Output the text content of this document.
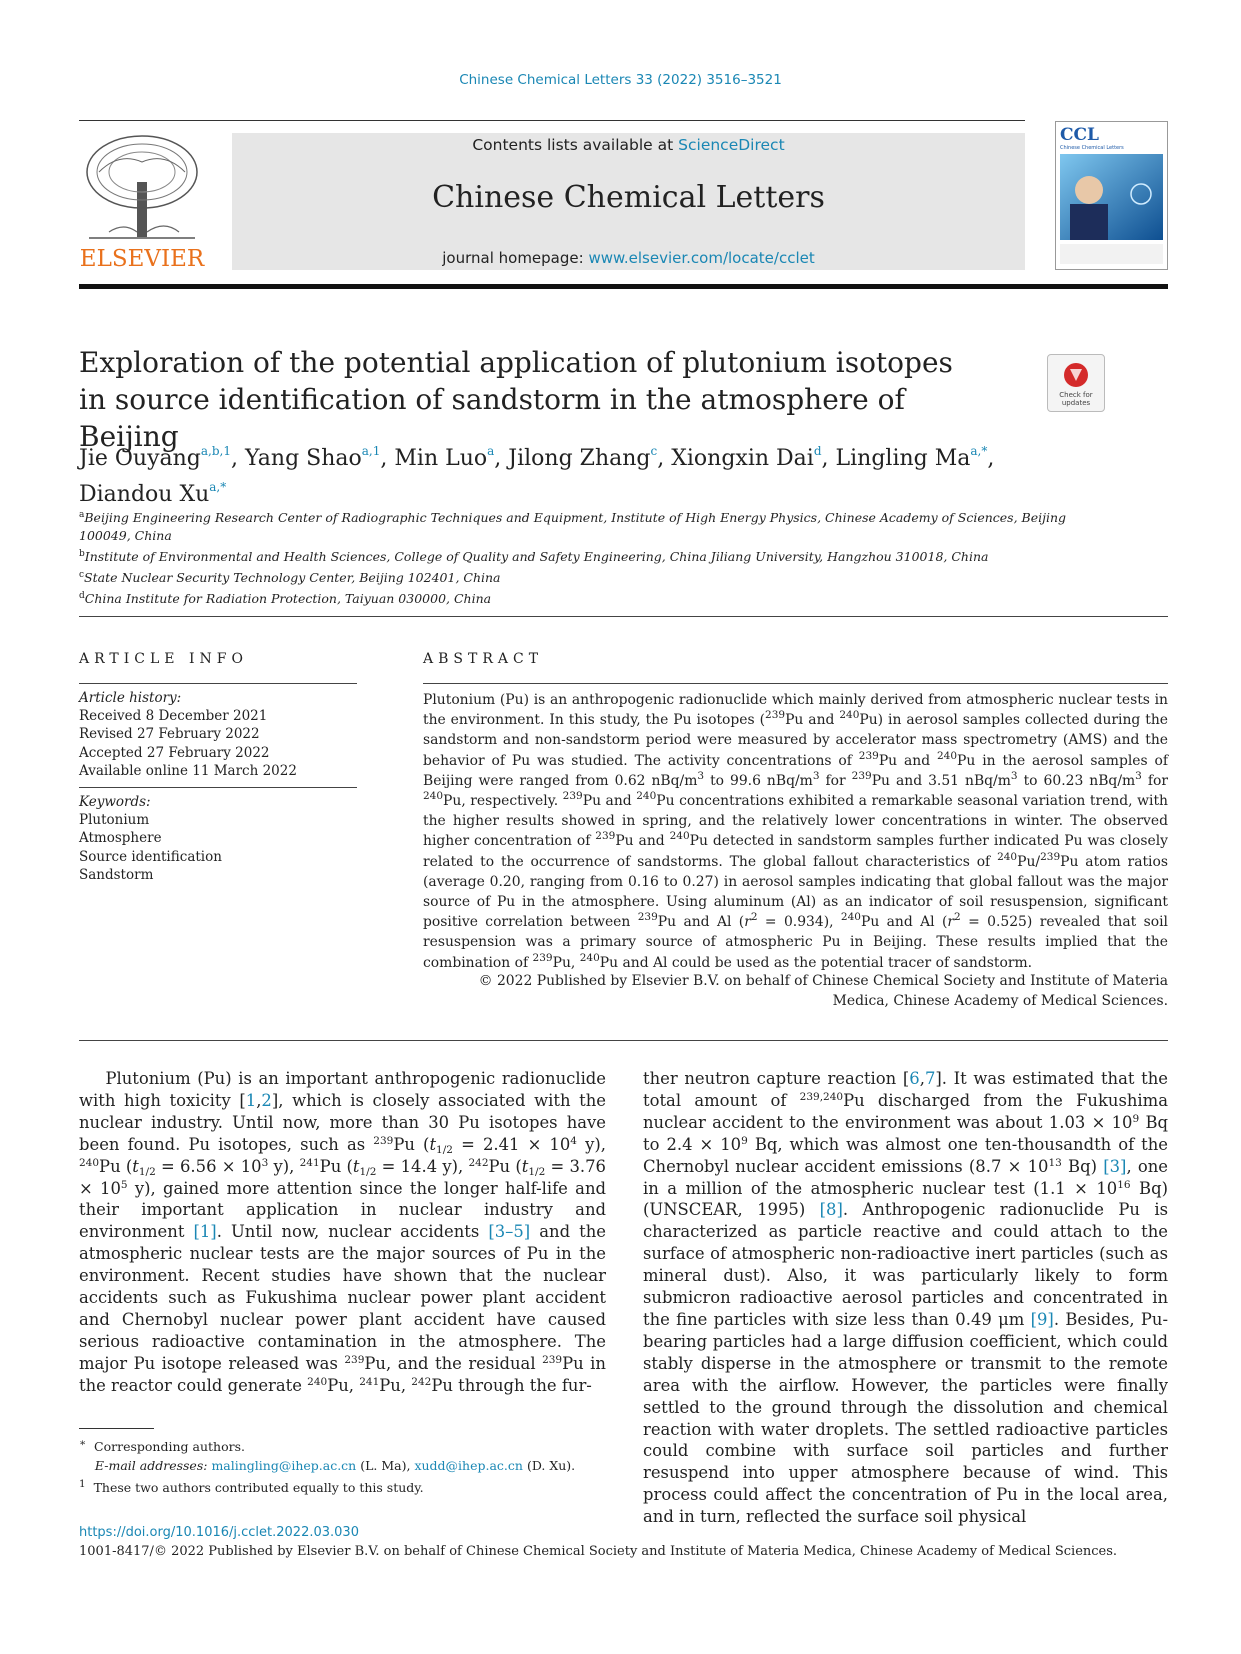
Chinese Chemical Letters 33 (2022) 3516–3521
ELSEVIER
Contents lists available at ScienceDirect
Chinese Chemical Letters
journal homepage: www.elsevier.com/locate/cclet
CCL
Chinese Chemical Letters
Exploration of the potential application of plutonium isotopes in source identification of sandstorm in the atmosphere of Beijing
Check for
updates
Jie Ouyang$^{a,b,1}$, Yang Shao$^{a,1}$, Min Luo$^a$, Jilong Zhang$^c$, Xiongxin Dai$^d$, Lingling $Ma^{a,*}$,
Diandou $Xu^{a,*}$
$^a$Beijing Engineering Research Center of Radiographic Techniques and Equipment, Institute of High Energy Physics, Chinese Academy of Sciences, Beijing 100049, China
$^b$Institute of Environmental and Health Sciences, College of Quality and Safety Engineering, China Jiliang University, Hangzhou 310018, China
$^c$State Nuclear Security Technology Center, Beijing 102401, China
$^d$China Institute for Radiation Protection, Taiyuan 030000, China
ARTICLE INFO
Article history:
Received 8 December 2021
Revised 27 February 2022
Accepted 27 February 2022
Available online 11 March 2022
Keywords:
Plutonium
Atmosphere
Source identification
Sandstorm
ABSTRACT
Plutonium (Pu) is an anthropogenic radionuclide which mainly derived from atmospheric nuclear tests in the environment. In this study, the Pu isotopes ($^{239}$Pu and $^{240}$Pu) in aerosol samples collected during the sandstorm and non-sandstorm period were measured by accelerator mass spectrometry (AMS) and the behavior of Pu was studied. The activity concentrations of $^{239}$Pu and $^{240}$Pu in the aerosol samples of Beijing were ranged from 0.62 nBq/$m^3$ to 99.6 nBq/$m^3$ for $^{239}$Pu and 3.51 nBq/$m^3$ to 60.23 nBq/$m^3$ for $^{240}$Pu, respectively. $^{239}$Pu and $^{240}$Pu concentrations exhibited a remarkable seasonal variation trend, with the higher results showed in spring, and the relatively lower concentrations in winter. The observed higher concentration of $^{239}$Pu and $^{240}$Pu detected in sandstorm samples further indicated Pu was closely related to the occurrence of sandstorms. The global fallout characteristics of $^{240}$Pu/$^{239}$Pu atom ratios (average 0.20, ranging from 0.16 to 0.27) in aerosol samples indicating that global fallout was the major source of Pu in the atmosphere. Using aluminum (Al) as an indicator of soil resuspension, significant positive correlation between $^{239}$Pu and Al $(r^2 = 0.934)$, $^{240}$Pu and Al $(r^2 = 0.525)$ revealed that soil resuspension was a primary source of atmospheric Pu in Beijing. These results implied that the combination of $^{239}$Pu, $^{240}$Pu and Al could be used as the potential tracer of sandstorm.
© 2022 Published by Elsevier B.V. on behalf of Chinese Chemical Society and Institute of Materia Medica, Chinese Academy of Medical Sciences.
Plutonium (Pu) is an important anthropogenic radionuclide with high toxicity [1,2], which is closely associated with the nuclear industry. Until now, more than 30 Pu isotopes have been found. Pu isotopes, such as $^{239}$Pu ($t_{1/2} = 2.41 \times 10^4$ y), $^{240}$Pu ($t_{1/2} = 6.56 \times 10^3$ y), $^{241}$Pu ($t_{1/2} = 14.4$ y), $^{242}$Pu ($t_{1/2} = 3.76 \times 10^5$ y), gained more attention since the longer half-life and their important application in nuclear industry and environment [1]. Until now, nuclear accidents [3–5] and the atmospheric nuclear tests are the major sources of Pu in the environment. Recent studies have shown that the nuclear accidents such as Fukushima nuclear power plant accident and Chernobyl nuclear power plant accident have caused serious radioactive contamination in the atmosphere. The major Pu isotope released was $^{239}$Pu, and the residual $^{239}$Pu in the reactor could generate $^{240}$Pu, $^{241}$Pu, $^{242}$Pu through the fur-
ther neutron capture reaction [6,7]. It was estimated that the total amount of $^{239,240}$Pu discharged from the Fukushima nuclear accident to the environment was about $1.03 \times 10^9$ Bq to $2.4 \times 10^9$ Bq, which was almost one ten-thousandth of the Chernobyl nuclear accident emissions ($8.7 \times 10^{13}$ Bq) [3], one in a million of the atmospheric nuclear test ($1.1 \times 10^{16}$ Bq) (UNSCEAR, 1995) [8]. Anthropogenic radionuclide Pu is characterized as particle reactive and could attach to the surface of atmospheric non-radioactive inert particles (such as mineral dust). Also, it was particularly likely to form submicron radioactive aerosol particles and concentrated in the fine particles with size less than 0.49 μm [9]. Besides, Pu-bearing particles had a large diffusion coefficient, which could stably disperse in the atmosphere or transmit to the remote area with the airflow. However, the particles were finally settled to the ground through the dissolution and chemical reaction with water droplets. The settled radioactive particles could combine with surface soil particles and further resuspend into upper atmosphere because of wind. This process could affect the concentration of Pu in the local area, and in turn, reflected the surface soil physical
∗ Corresponding authors.
E-mail addresses: malingling@ihep.ac.cn (L. Ma), xudd@ihep.ac.cn (D. Xu).
$^1$ These two authors contributed equally to this study.
https://doi.org/10.1016/j.cclet.2022.03.030
1001-8417/© 2022 Published by Elsevier B.V. on behalf of Chinese Chemical Society and Institute of Materia Medica, Chinese Academy of Medical Sciences.
